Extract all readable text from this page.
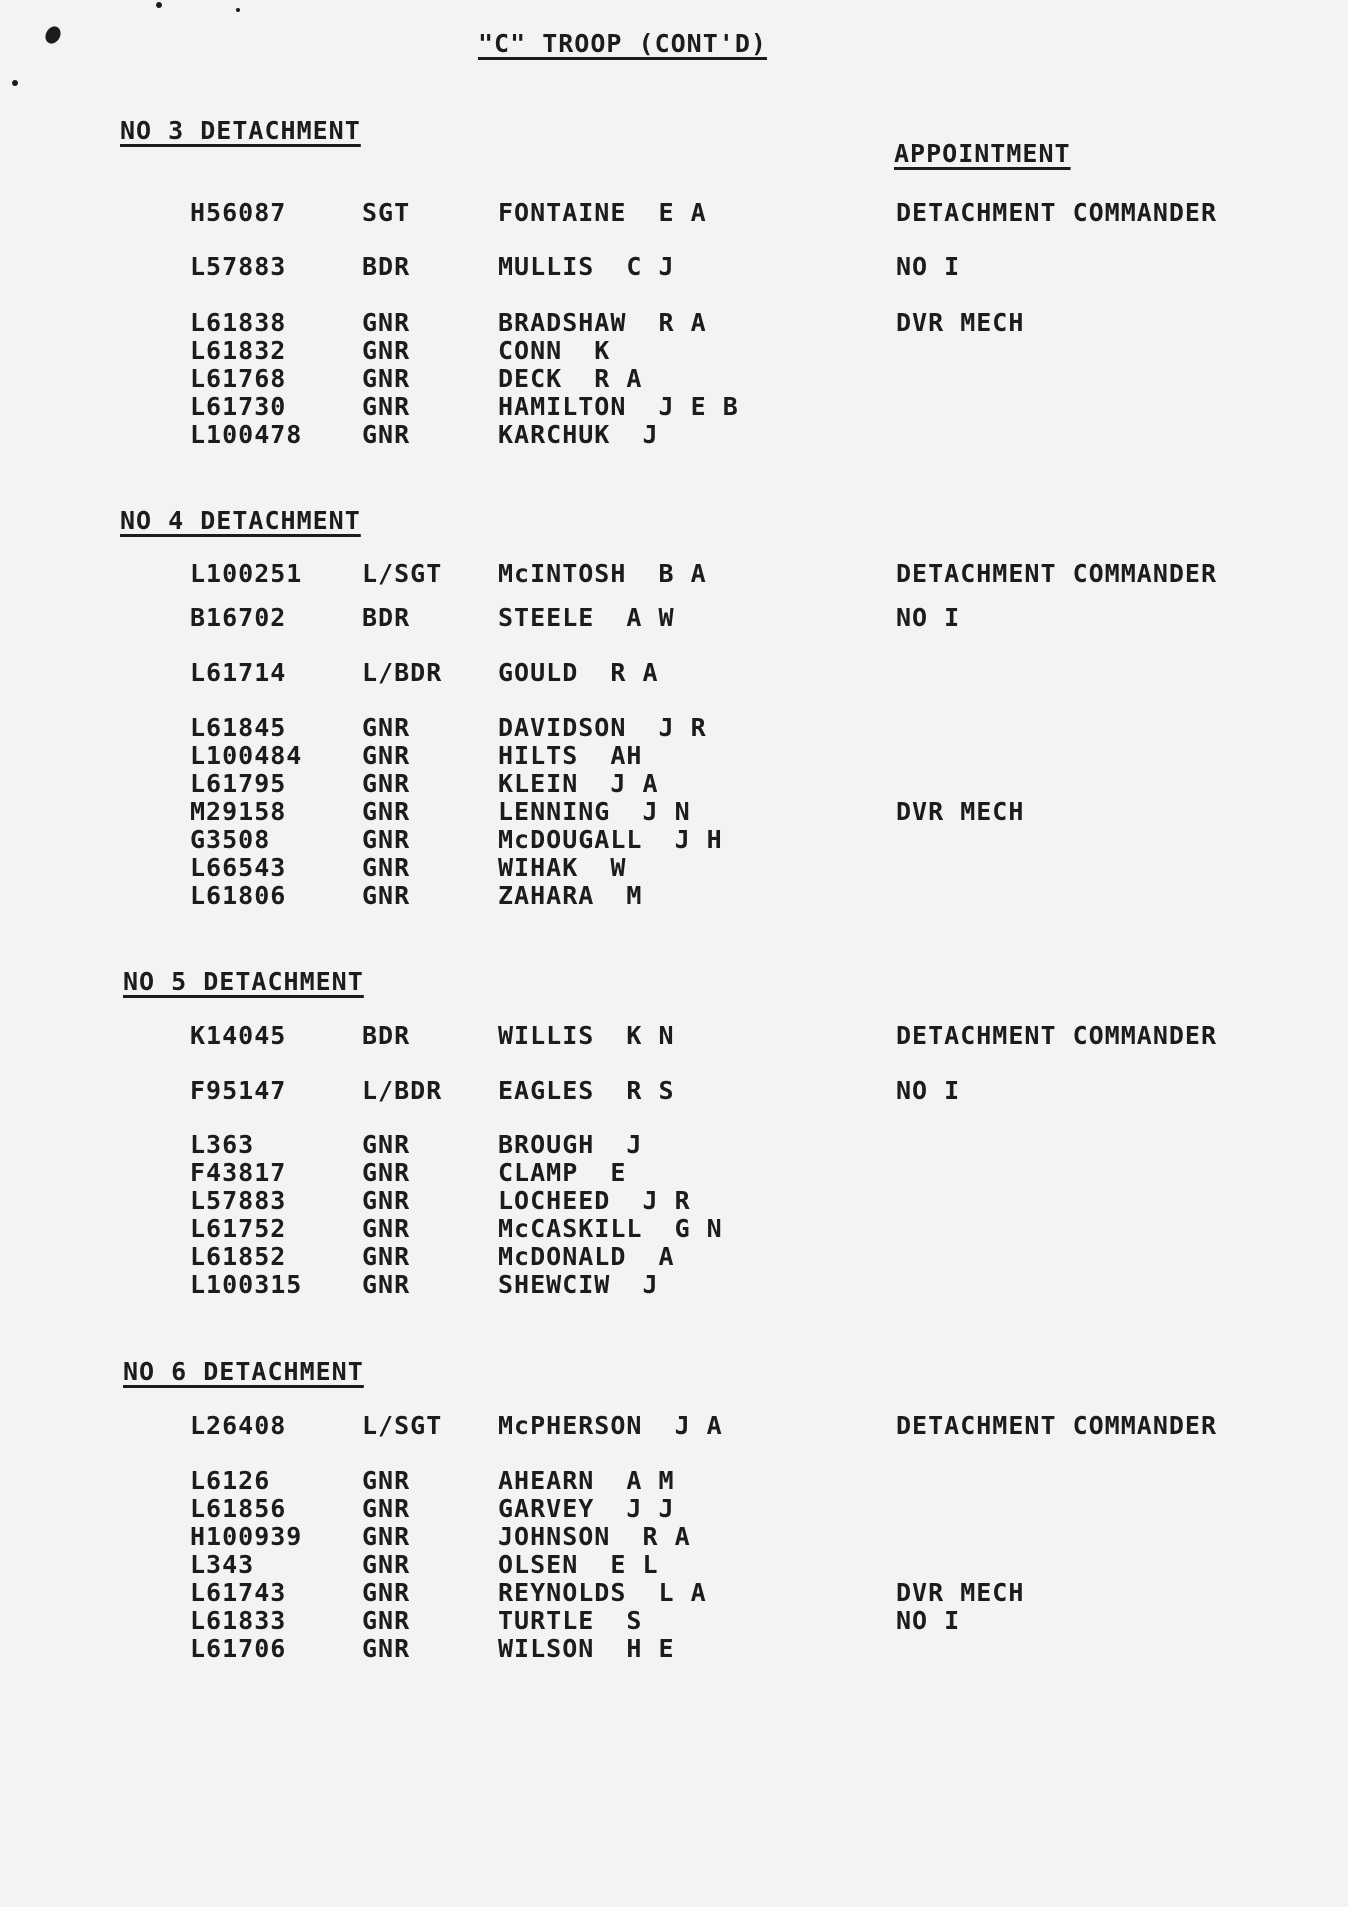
"C" TROOP (CONT'D)
APPOINTMENT
NO 3 DETACHMENT
H56087	SGT	FONTAINE  E A	DETACHMENT COMMANDER
L57883	BDR	MULLIS  C J	NO I
L61838	GNR	BRADSHAW  R A	DVR MECH
L61832	GNR	CONN  K
L61768	GNR	DECK  R A
L61730	GNR	HAMILTON  J E B
L100478 GNR	KARCHUK  J
NO 4 DETACHMENT
L100251 L/SGT McINTOSH  B A	DETACHMENT COMMANDER
B16702	BDR	STEELE  A W	NO I
L61714	L/BDR GOULD  R A
L61845	GNR	DAVIDSON  J R
L100484 GNR	HILTS  AH
L61795	GNR	KLEIN  J A
M29158	GNR	LENNING  J N	DVR MECH
G3508	GNR	McDOUGALL  J H
L66543	GNR	WIHAK  W
L61806	GNR	ZAHARA  M
NO 5 DETACHMENT
K14045	BDR	WILLIS  K N	DETACHMENT COMMANDER
F95147	L/BDR EAGLES  R S	NO I
L363	GNR	BROUGH  J
F43817	GNR	CLAMP  E
L57883	GNR	LOCHEED  J R
L61752	GNR	McCASKILL  G N
L61852	GNR	McDONALD  A
L100315 GNR	SHEWCIW  J
NO 6 DETACHMENT
L26408	L/SGT McPHERSON  J A	DETACHMENT COMMANDER
L6126	GNR	AHEARN  A M
L61856	GNR	GARVEY  J J
H100939 GNR	JOHNSON  R A
L343	GNR	OLSEN  E L
L61743	GNR	REYNOLDS  L A	DVR MECH
L61833	GNR	TURTLE  S	NO I
L61706	GNR	WILSON  H E
